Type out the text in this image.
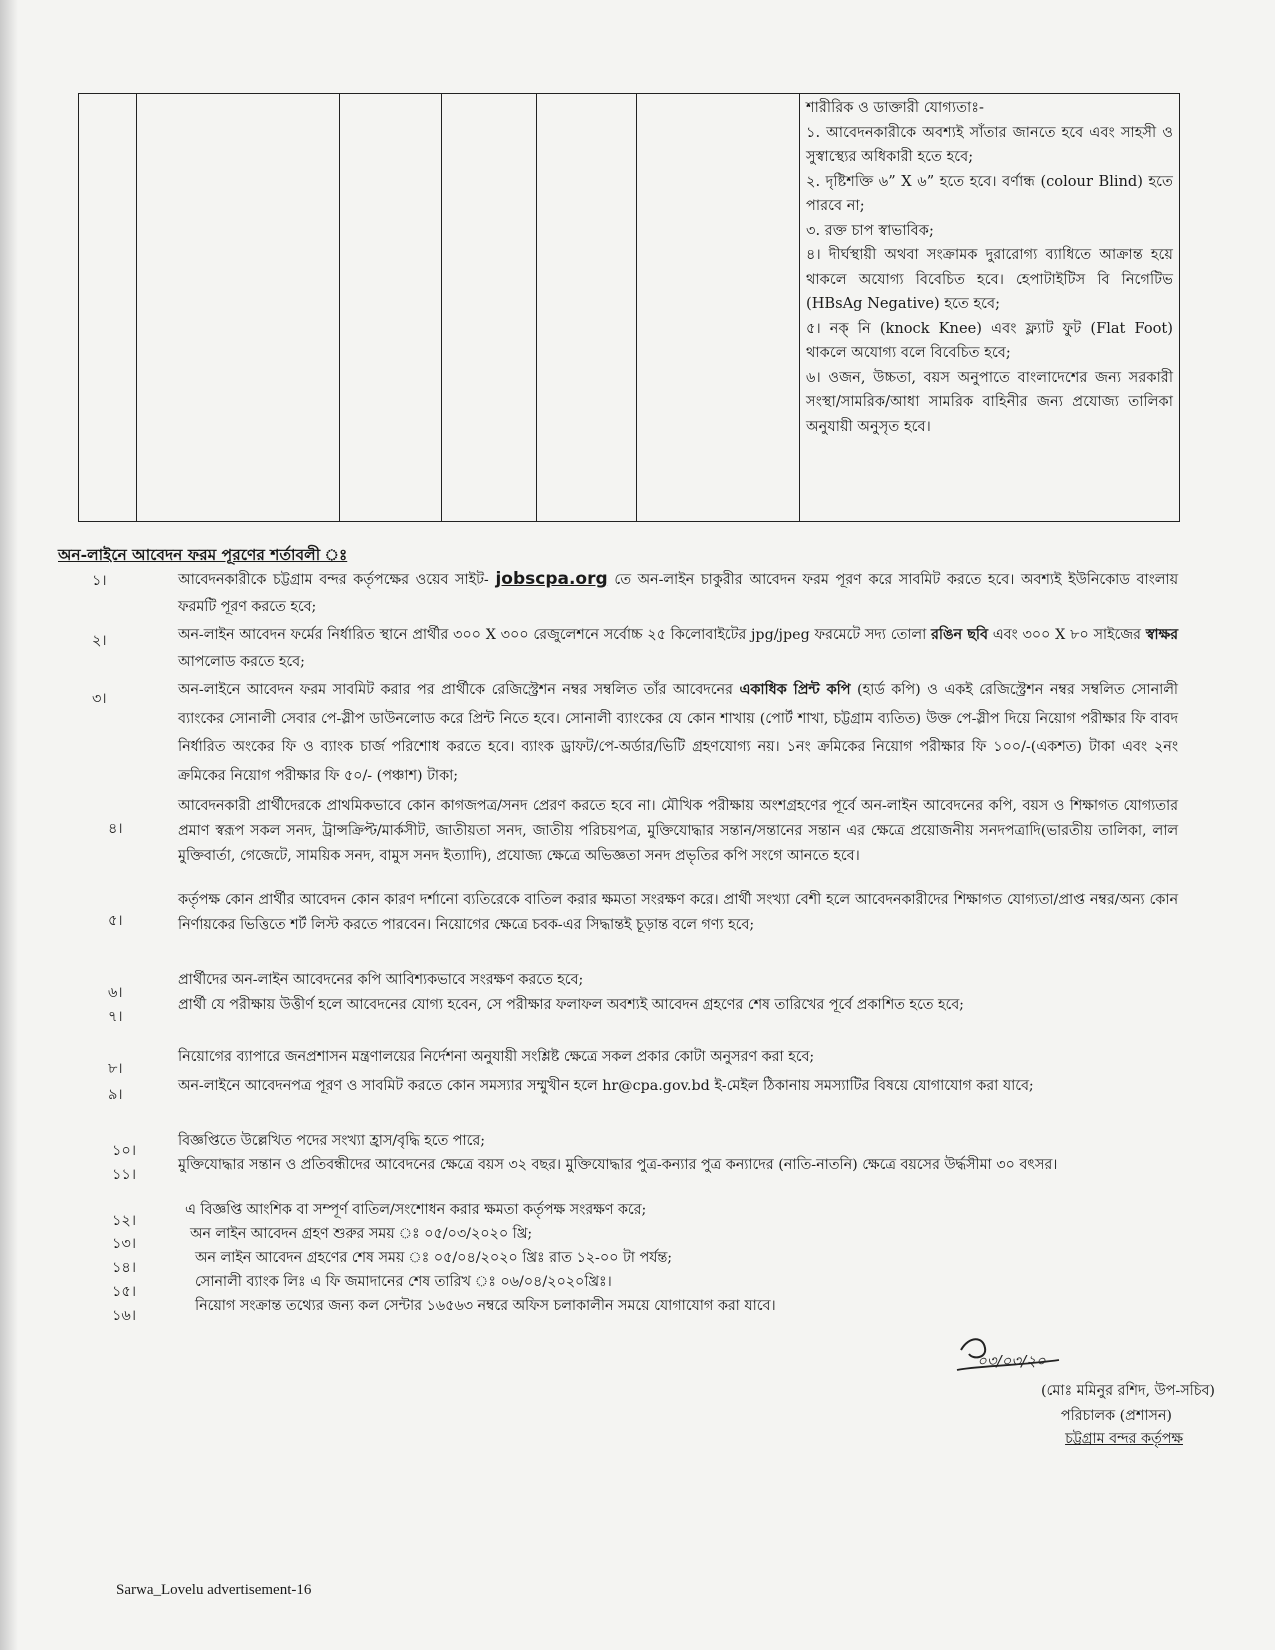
শারীরিক ও ডাক্তারী যোগ্যতাঃ-

১. আবেদনকারীকে অবশ্যই সাঁতার জানতে হবে এবং সাহসী ও সুস্বাস্থ্যের অধিকারী হতে হবে;

২. দৃষ্টিশক্তি ৬” X ৬” হতে হবে। বর্ণান্ধ (colour Blind) হতে পারবে না;

৩. রক্ত চাপ স্বাভাবিক;

৪। দীর্ঘস্থায়ী অথবা সংক্রামক দুরারোগ্য ব্যাধিতে আক্রান্ত হয়ে থাকলে অযোগ্য বিবেচিত হবে। হেপাটাইটিস বি নিগেটিভ (HBsAg Negative) হতে হবে;

৫। নক্ নি (knock Knee) এবং ফ্ল্যাট ফুট (Flat Foot) থাকলে অযোগ্য বলে বিবেচিত হবে;

৬। ওজন, উচ্চতা, বয়স অনুপাতে বাংলাদেশের জন্য সরকারী সংস্থা/সামরিক/আধা সামরিক বাহিনীর জন্য প্রযোজ্য তালিকা অনুযায়ী অনুসৃত হবে।

অন-লাইনে আবেদন ফরম পূরণের শর্তাবলী ঃ
১।	আবেদনকারীকে চট্টগ্রাম বন্দর কর্তৃপক্ষের ওয়েব সাইট- jobscpa.org তে অন-লাইন চাকুরীর আবেদন ফরম পূরণ করে সাবমিট করতে হবে। অবশ্যই ইউনিকোড বাংলায় ফরমটি পূরণ করতে হবে;
২।	অন-লাইন আবেদন ফর্মের নির্ধারিত স্থানে প্রার্থীর ৩০০ X ৩০০ রেজুলেশনে সর্বোচ্চ ২৫ কিলোবাইটের jpg/jpeg ফরমেটে সদ্য তোলা রঙিন ছবি এবং ৩০০ X ৮০ সাইজের স্বাক্ষর আপলোড করতে হবে;
৩।
অন-লাইনে আবেদন ফরম সাবমিট করার পর প্রার্থীকে রেজিস্ট্রেশন নম্বর সম্বলিত তাঁর আবেদনের একাধিক প্রিন্ট কপি (হার্ড কপি) ও একই রেজিস্ট্রেশন নম্বর সম্বলিত সোনালী ব্যাংকের সোনালী সেবার পে-স্লীপ ডাউনলোড করে প্রিন্ট নিতে হবে। সোনালী ব্যাংকের যে কোন শাখায় (পোর্ট শাখা, চট্টগ্রাম ব্যতিত) উক্ত পে-স্লীপ দিয়ে নিয়োগ পরীক্ষার ফি বাবদ নির্ধারিত অংকের ফি ও ব্যাংক চার্জ পরিশোধ করতে হবে। ব্যাংক ড্রাফট/পে-অর্ডার/ভিটি গ্রহণযোগ্য নয়। ১নং ক্রমিকের নিয়োগ পরীক্ষার ফি ১০০/-(একশত) টাকা এবং ২নং ক্রমিকের নিয়োগ পরীক্ষার ফি ৫০/- (পঞ্চাশ) টাকা;
৪।
আবেদনকারী প্রার্থীদেরকে প্রাথমিকভাবে কোন কাগজপত্র/সনদ প্রেরণ করতে হবে না। মৌখিক পরীক্ষায় অংশগ্রহণের পূর্বে অন-লাইন আবেদনের কপি, বয়স ও শিক্ষাগত যোগ্যতার প্রমাণ স্বরূপ সকল সনদ, ট্রান্সক্রিপ্ট/মার্কসীট, জাতীয়তা সনদ, জাতীয় পরিচয়পত্র, মুক্তিযোদ্ধার সন্তান/সন্তানের সন্তান এর ক্ষেত্রে প্রয়োজনীয় সনদপত্রাদি(ভারতীয় তালিকা, লাল মুক্তিবার্তা, গেজেটে, সাময়িক সনদ, বামুস সনদ ইত্যাদি), প্রযোজ্য ক্ষেত্রে অভিজ্ঞতা সনদ প্রভৃতির কপি সংগে আনতে হবে।
৫।
কর্তৃপক্ষ কোন প্রার্থীর আবেদন কোন কারণ দর্শানো ব্যতিরেকে বাতিল করার ক্ষমতা সংরক্ষণ করে। প্রার্থী সংখ্যা বেশী হলে আবেদনকারীদের শিক্ষাগত যোগ্যতা/প্রাপ্ত নম্বর/অন্য কোন নির্ণায়কের ভিত্তিতে শর্ট লিস্ট করতে পারবেন। নিয়োগের ক্ষেত্রে চবক-এর সিদ্ধান্তই চূড়ান্ত বলে গণ্য হবে;
৬।
প্রার্থীদের অন-লাইন আবেদনের কপি আবিশ্যকভাবে সংরক্ষণ করতে হবে;
৭।
প্রার্থী যে পরীক্ষায় উত্তীর্ণ হলে আবেদনের যোগ্য হবেন, সে পরীক্ষার ফলাফল অবশ্যই আবেদন গ্রহণের শেষ তারিখের পূর্বে প্রকাশিত হতে হবে;
৮।
নিয়োগের ব্যাপারে জনপ্রশাসন মন্ত্রণালয়ের নির্দেশনা অনুযায়ী সংশ্লিষ্ট ক্ষেত্রে সকল প্রকার কোটা অনুসরণ করা হবে;
৯।
অন-লাইনে আবেদনপত্র পূরণ ও সাবমিট করতে কোন সমস্যার সম্মুখীন হলে hr@cpa.gov.bd ই-মেইল ঠিকানায় সমস্যাটির বিষয়ে যোগাযোগ করা যাবে;
১০।
বিজ্ঞপ্তিতে উল্লেখিত পদের সংখ্যা হ্রাস/বৃদ্ধি হতে পারে;
১১।
মুক্তিযোদ্ধার সন্তান ও প্রতিবন্ধীদের আবেদনের ক্ষেত্রে বয়স ৩২ বছর। মুক্তিযোদ্ধার পুত্র-কন্যার পুত্র কন্যাদের (নাতি-নাতনি) ক্ষেত্রে বয়সের উর্দ্ধসীমা ৩০ বৎসর।
১২।
এ বিজ্ঞপ্তি আংশিক বা সম্পূর্ণ বাতিল/সংশোধন করার ক্ষমতা কর্তৃপক্ষ সংরক্ষণ করে;
১৩।
অন লাইন আবেদন গ্রহণ শুরুর সময় ঃ ০৫/০৩/২০২০ খ্রি;
১৪।
অন লাইন আবেদন গ্রহণের শেষ সময় ঃ ০৫/০৪/২০২০ খ্রিঃ রাত ১২-০০ টা পর্যন্ত;
১৫।
সোনালী ব্যাংক লিঃ এ ফি জমাদানের শেষ তারিখ ঃ ০৬/০৪/২০২০খ্রিঃ।
১৬।
নিয়োগ সংক্রান্ত তথ্যের জন্য কল সেন্টার ১৬৫৬৩ নম্বরে অফিস চলাকালীন সময়ে যোগাযোগ করা যাবে।
০৩/০৩/২০
(মোঃ মমিনুর রশিদ, উপ-সচিব)
পরিচালক (প্রশাসন)
চট্টগ্রাম বন্দর কর্তৃপক্ষ
Sarwa_Lovelu advertisement-16
